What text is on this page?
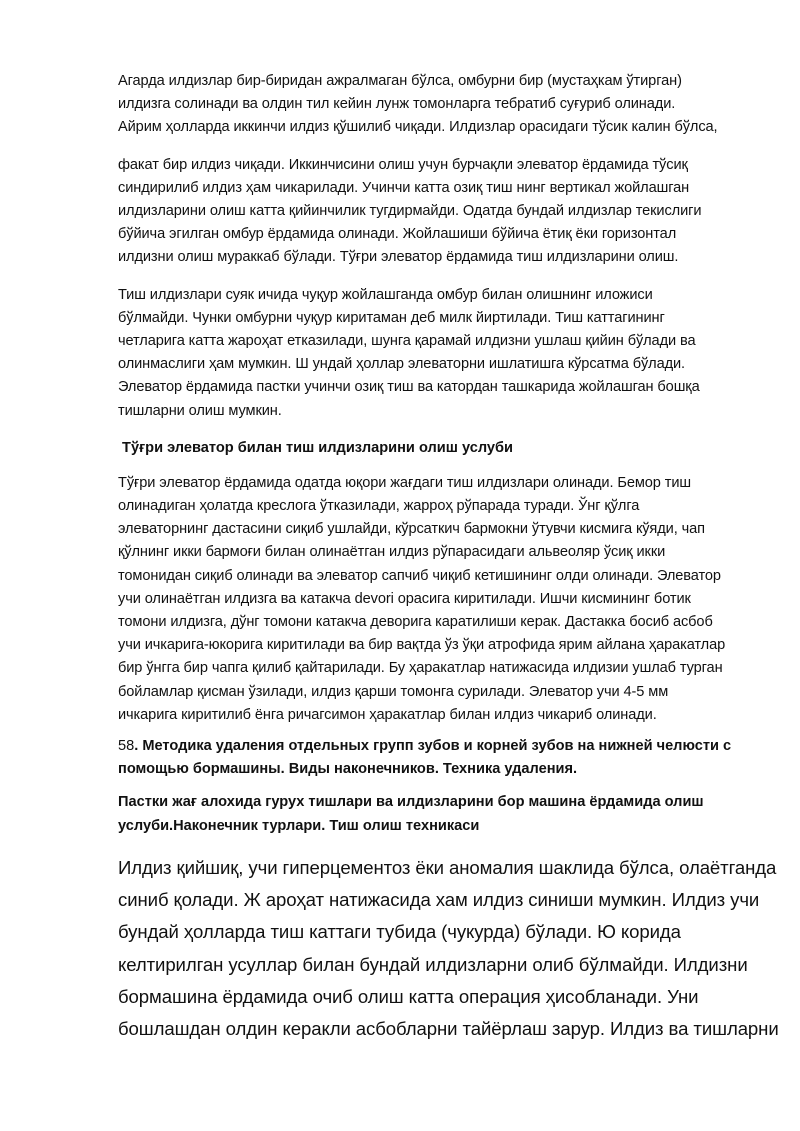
Агарда илдизлар бир-биридан ажралмаган бўлса, омбурни бир (мустаҳкам ўтирган)
илдизга солинади ва олдин тил кейин лунж томонларга тебратиб суғуриб олинади.
Айрим ҳолларда иккинчи илдиз қўшилиб чиқади. Илдизлар орасидаги тўсик калин бўлса,

факат бир илдиз чиқади. Иккинчисини олиш учун бурчақли элеватор ёрдамида тўсиқ
синдирилиб илдиз ҳам чикарилади. Учинчи катта озиқ тиш нинг вертикал жойлашган
илдизларини олиш катта қийинчилик тугдирмайди. Одатда бундай илдизлар текислиги
бўйича эгилган омбур ёрдамида олинади. Жойлашиши бўйича ётиқ ёки горизонтал
илдизни олиш мураккаб бўлади. Тўғри элеватор ёрдамида тиш илдизларини олиш.

Тиш илдизлари суяк ичида чуқур жойлашганда омбур билан олишнинг иложиси
бўлмайди. Чунки омбурни чуқур киритаман деб милк йиртилади. Тиш каттагининг
четларига катта жароҳат етказилади, шунга қарамай илдизни ушлаш қийин бўлади ва
олинмаслиги ҳам мумкин. Ш ундай ҳоллар элеваторни ишлатишга кўрсатма бўлади.
Элеватор ёрдамида пастки учинчи озиқ тиш ва катордан ташкарида жойлашган бошқа
тишларни олиш мумкин.

Тўғри элеватор билан тиш илдизларини олиш услуби

Тўғри элеватор ёрдамида одатда юқори жағдаги тиш илдизлари олинади. Бемор тиш
олинадиган ҳолатда креслога ўтказилади, жарроҳ рўпарада туради. Ўнг қўлга
элеваторнинг дастасини сиқиб ушлайди, кўрсаткич бармокни ўтувчи кисмига кўяди, чап
қўлнинг икки бармоғи билан олинаётган илдиз рўпарасидаги альвеоляр ўсиқ икки
томонидан сиқиб олинади ва элеватор сапчиб чиқиб кетишининг олди олинади. Элеватор
учи олинаётган илдизга ва катакча devori орасига киритилади. Ишчи кисмининг ботик
томони илдизга, дўнг томони катакча деворига каратилиши керак. Дастакка босиб асбоб
учи ичкарига-юкорига киритилади ва бир вақтда ўз ўқи атрофида ярим айлана ҳаракатлар
бир ўнгга бир чапга қилиб қайтарилади. Бу ҳаракатлар натижасида илдизии ушлаб турган
бойламлар қисман ўзилади, илдиз қарши томонга сурилади. Элеватор учи 4-5 мм
ичкарига киритилиб ёнга ричагсимон ҳаракатлар билан илдиз чикариб олинади.

58. Методика удаления отдельных групп зубов и корней зубов на нижней челюсти с
помощью бормашины. Виды наконечников. Техника удаления.

Пастки жағ алохида гурух тишлари ва илдизларини бор машина ёрдамида олиш
услуби.Наконечник турлари. Тиш олиш техникаси

Илдиз қийшиқ, учи гиперцементоз ёки аномалия шаклида бўлса, олаётганда
синиб қолади. Ж ароҳат натижасида хам илдиз синиши мумкин. Илдиз учи
бундай ҳолларда тиш каттаги тубида (чукурда) бўлади. Ю корида
келтирилган усуллар билан бундай илдизларни олиб бўлмайди. Илдизни
бормашина ёрдамида очиб олиш катта операция ҳисобланади. Уни
бошлашдан олдин керакли асбобларни тайёрлаш зарур. Илдиз ва тишларни
